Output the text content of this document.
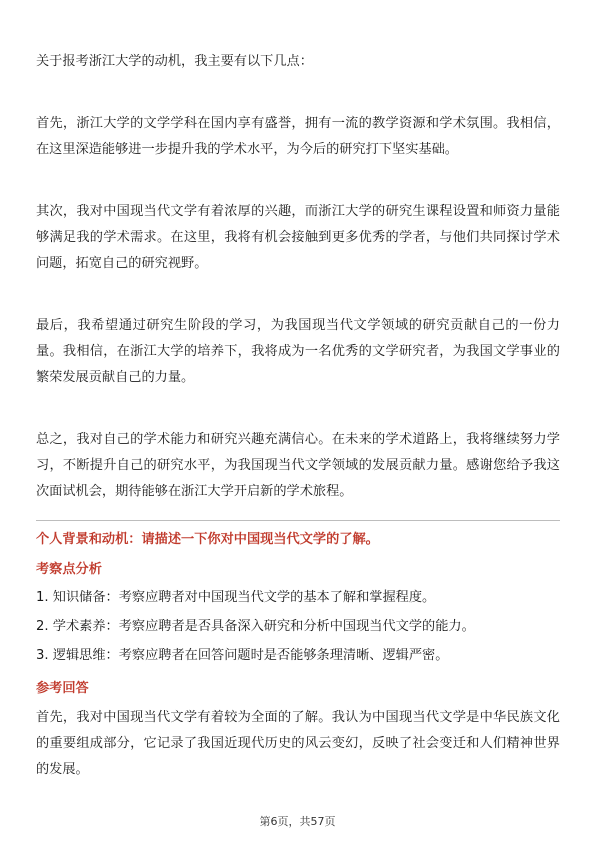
关于报考浙江大学的动机，我主要有以下几点：

首先，浙江大学的文学学科在国内享有盛誉，拥有一流的教学资源和学术氛围。我相信，在这里深造能够进一步提升我的学术水平，为今后的研究打下坚实基础。

其次，我对中国现当代文学有着浓厚的兴趣，而浙江大学的研究生课程设置和师资力量能够满足我的学术需求。在这里，我将有机会接触到更多优秀的学者，与他们共同探讨学术问题，拓宽自己的研究视野。

最后，我希望通过研究生阶段的学习，为我国现当代文学领域的研究贡献自己的一份力量。我相信，在浙江大学的培养下，我将成为一名优秀的文学研究者，为我国文学事业的繁荣发展贡献自己的力量。

总之，我对自己的学术能力和研究兴趣充满信心。在未来的学术道路上，我将继续努力学习，不断提升自己的研究水平，为我国现当代文学领域的发展贡献力量。感谢您给予我这次面试机会，期待能够在浙江大学开启新的学术旅程。

个人背景和动机：请描述一下你对中国现当代文学的了解。

考察点分析

1. 知识储备：考察应聘者对中国现当代文学的基本了解和掌握程度。

2. 学术素养：考察应聘者是否具备深入研究和分析中国现当代文学的能力。

3. 逻辑思维：考察应聘者在回答问题时是否能够条理清晰、逻辑严密。

参考回答

首先，我对中国现当代文学有着较为全面的了解。我认为中国现当代文学是中华民族文化的重要组成部分，它记录了我国近现代历史的风云变幻，反映了社会变迁和人们精神世界的发展。

第6页，共57页
